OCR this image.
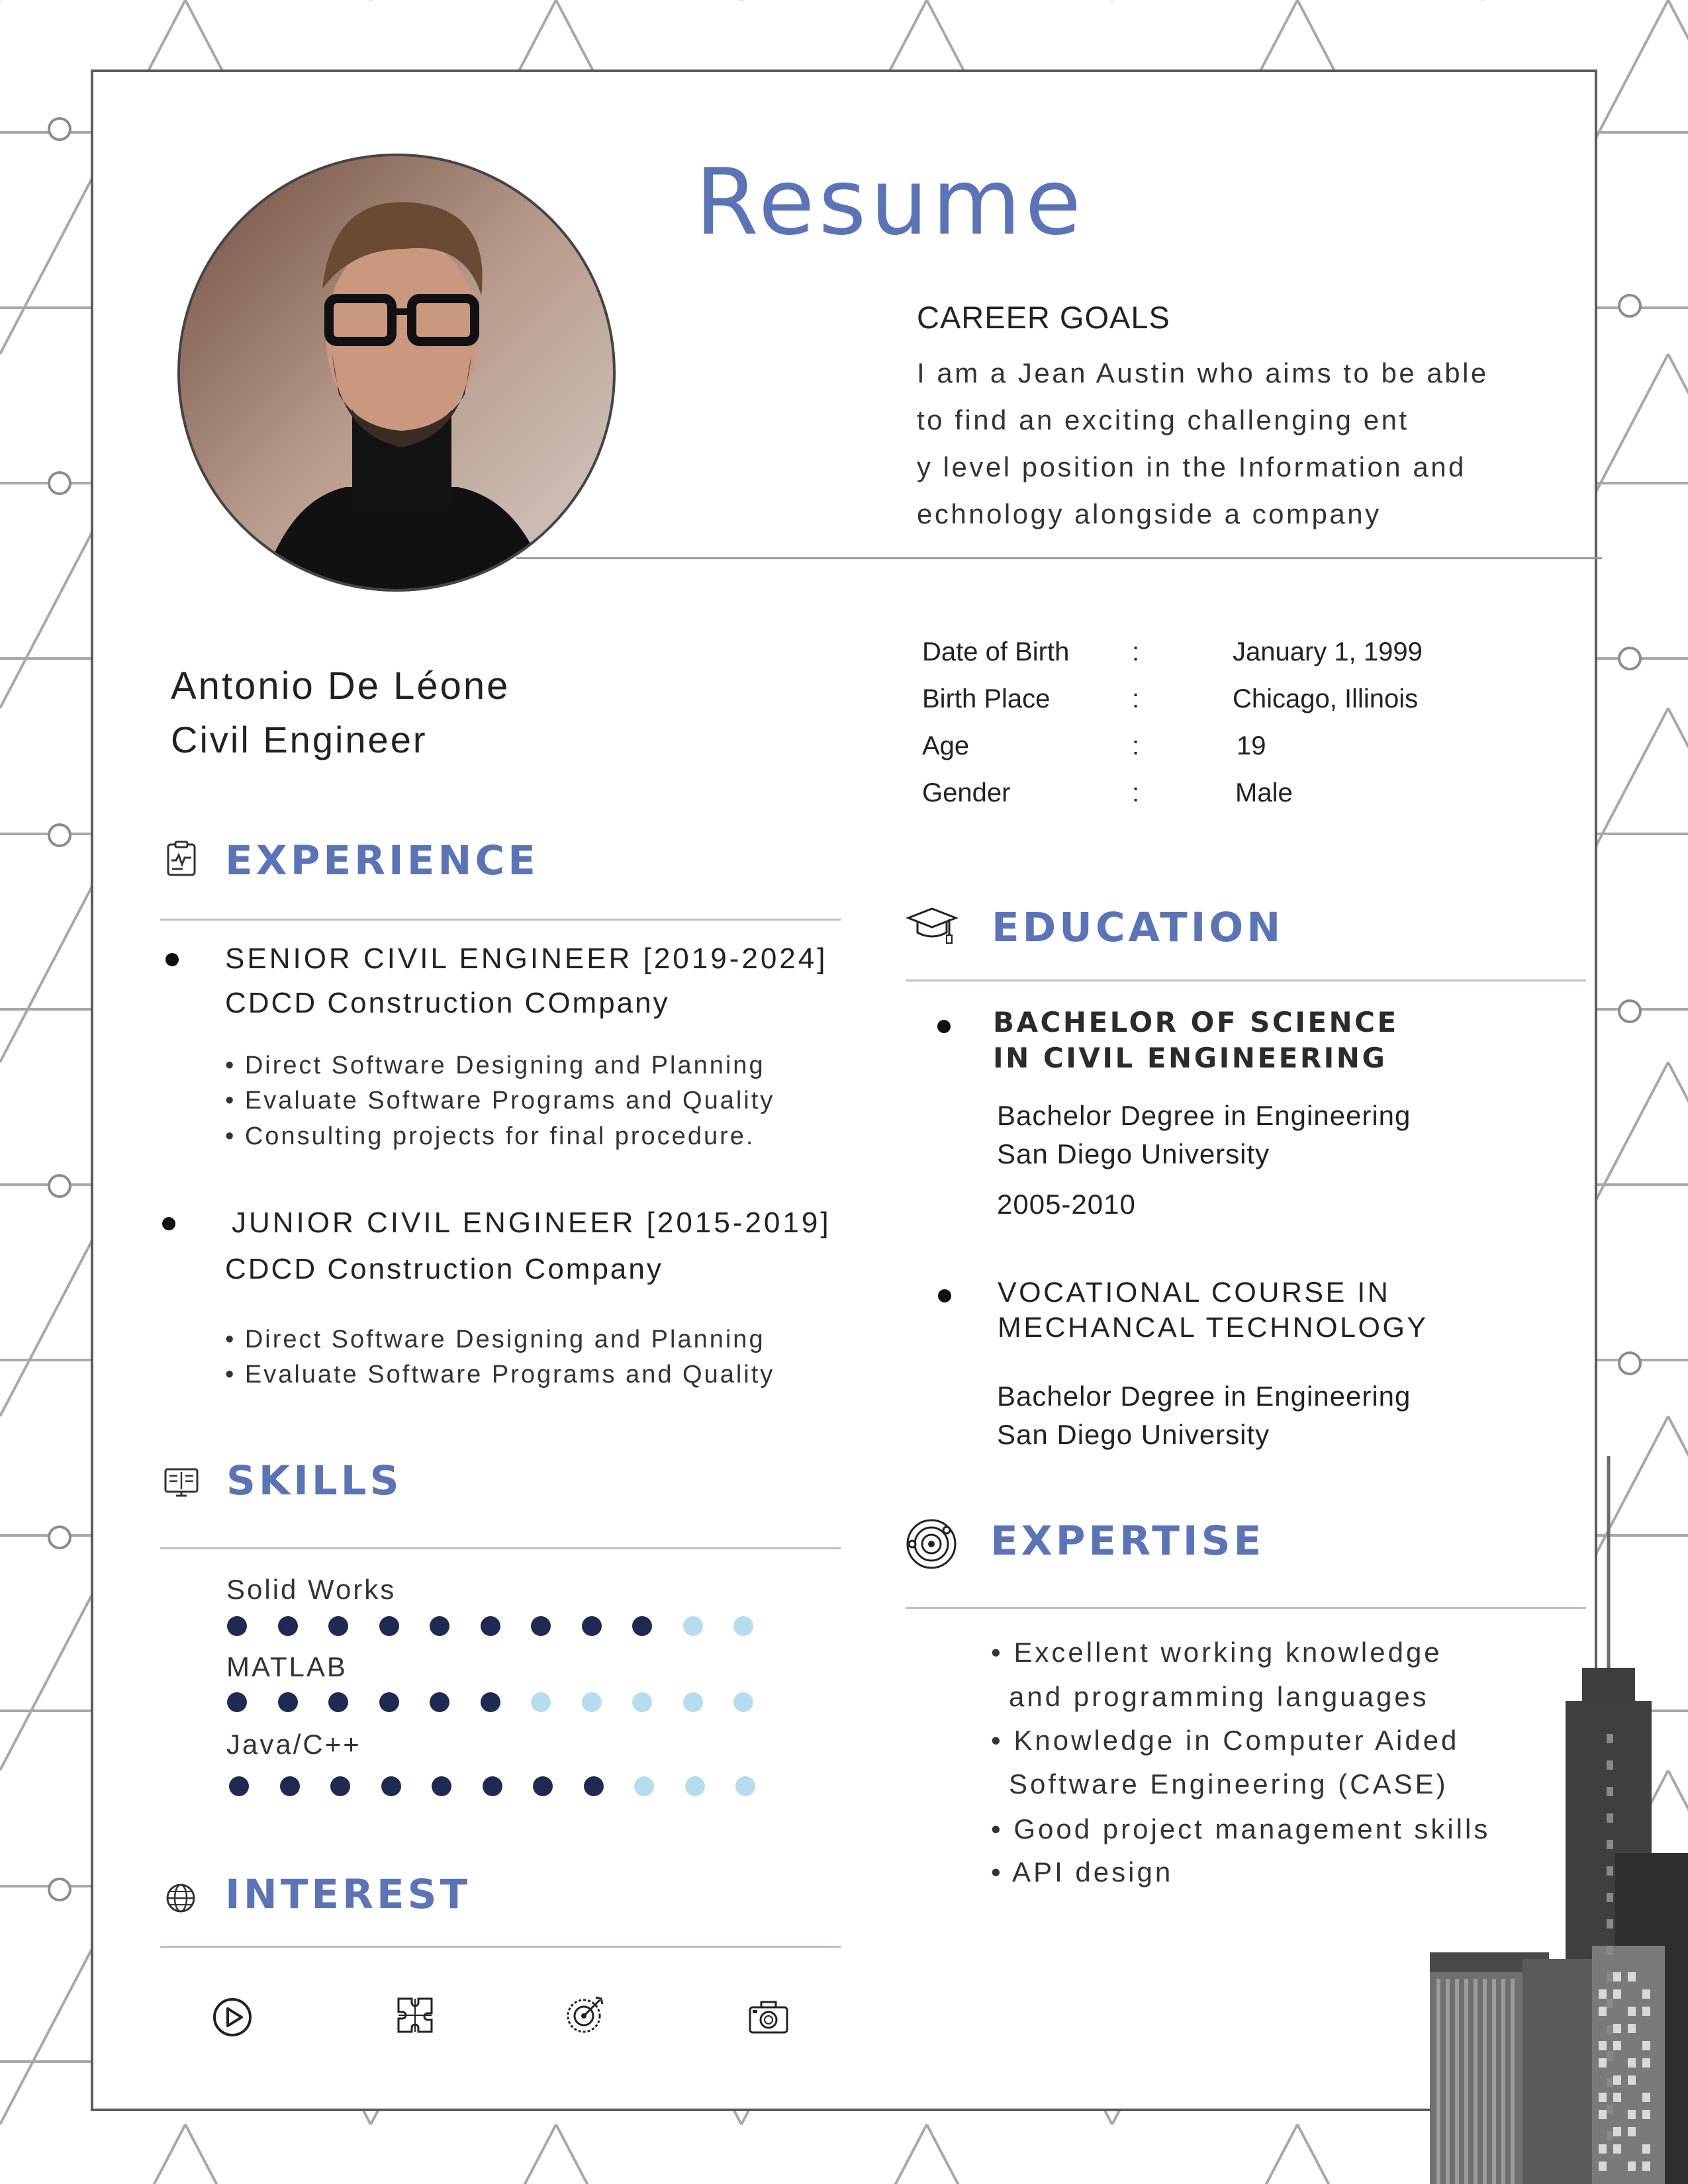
Resume
CAREER GOALS
I am a Jean Austin who aims to be able
to find an exciting challenging ent
y level position in the Information and
echnology alongside a company
Antonio De Léone
Civil Engineer
Date of Birth :	January 1, 1999
Birth Place	:	Chicago, Illinois
Age	:	19
Gender	:	Male
EXPERIENCE
SENIOR CIVIL ENGINEER [2019-2024]
CDCD Construction COmpany
• Direct Software Designing and Planning
• Evaluate Software Programs and Quality
• Consulting projects for final procedure.
JUNIOR CIVIL ENGINEER [2015-2019]
CDCD Construction Company
• Direct Software Designing and Planning
• Evaluate Software Programs and Quality
SKILLS
Solid Works
MATLAB
Java/C++
INTEREST
EDUCATION
BACHELOR OF SCIENCE
IN CIVIL ENGINEERING
Bachelor Degree in Engineering
San Diego University
2005-2010
VOCATIONAL COURSE IN
MECHANCAL TECHNOLOGY
Bachelor Degree in Engineering
San Diego University
EXPERTISE
• Excellent working knowledge
and programming languages
• Knowledge in Computer Aided
Software Engineering (CASE)
• Good project management skills
• API design
